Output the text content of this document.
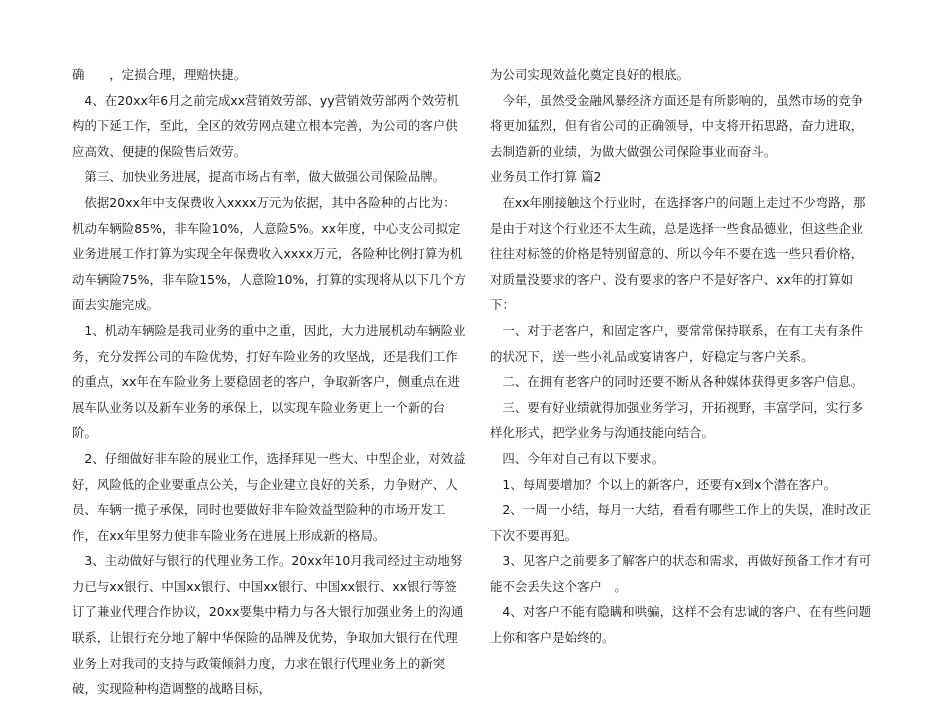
确　　，定损合理，理赔快捷。

4、在20xx年6月之前完成xx营销效劳部、yy营销效劳部两个效劳机构的下延工作，至此，全区的效劳网点建立根本完善，为公司的客户供应高效、便捷的保险售后效劳。

第三、加快业务进展，提高市场占有率，做大做强公司保险品牌。

依据20xx年中支保费收入xxxx万元为依据，其中各险种的占比为：机动车辆险85%，非车险10%，人意险5%。xx年度，中心支公司拟定业务进展工作打算为实现全年保费收入xxxx万元，各险种比例打算为机动车辆险75%，非车险15%，人意险10%，打算的实现将从以下几个方面去实施完成。

1、机动车辆险是我司业务的重中之重，因此，大力进展机动车辆险业务，充分发挥公司的车险优势，打好车险业务的攻坚战，还是我们工作的重点，xx年在车险业务上要稳固老的客户，争取新客户，侧重点在进展车队业务以及新车业务的承保上，以实现车险业务更上一个新的台阶。

2、仔细做好非车险的展业工作，选择拜见一些大、中型企业，对效益好，风险低的企业要重点公关，与企业建立良好的关系，力争财产、人员、车辆一揽子承保，同时也要做好非车险效益型险种的市场开发工作，在xx年里努力使非车险业务在进展上形成新的格局。

3、主动做好与银行的代理业务工作。20xx年10月我司经过主动地努力已与xx银行、中国xx银行、中国xx银行、中国xx银行、xx银行等签订了兼业代理合作协议，20xx要集中精力与各大银行加强业务上的沟通联系，让银行充分地了解中华保险的品牌及优势，争取加大银行在代理业务上对我司的支持与政策倾斜力度，力求在银行代理业务上的新突破，实现险种构造调整的战略目标，

为公司实现效益化奠定良好的根底。

今年，虽然受金融风暴经济方面还是有所影响的，虽然市场的竞争将更加猛烈，但有省公司的正确领导，中支将开拓思路，奋力进取，去制造新的业绩，为做大做强公司保险事业而奋斗。

业务员工作打算 篇2

在xx年刚接触这个行业时，在选择客户的问题上走过不少弯路，那是由于对这个行业还不太生疏，总是选择一些食品德业，但这些企业往往对标签的价格是特别留意的、所以今年不要在选一些只看价格，对质量没要求的客户、没有要求的客户不是好客户、xx年的打算如下：

一、对于老客户，和固定客户，要常常保持联系，在有工夫有条件的状况下，送一些小礼品或宴请客户，好稳定与客户关系。

二、在拥有老客户的同时还要不断从各种媒体获得更多客户信息。

三、要有好业绩就得加强业务学习，开拓视野，丰富学问，实行多样化形式，把学业务与沟通技能向结合。

四、今年对自己有以下要求。

1、每周要增加？个以上的新客户，还要有x到x个潜在客户。

2、一周一小结，每月一大结，看看有哪些工作上的失误，准时改正下次不要再犯。

3、见客户之前要多了解客户的状态和需求，再做好预备工作才有可能不会丢失这个客户　。

4、对客户不能有隐瞒和哄骗，这样不会有忠诚的客户、在有些问题上你和客户是始终的。
